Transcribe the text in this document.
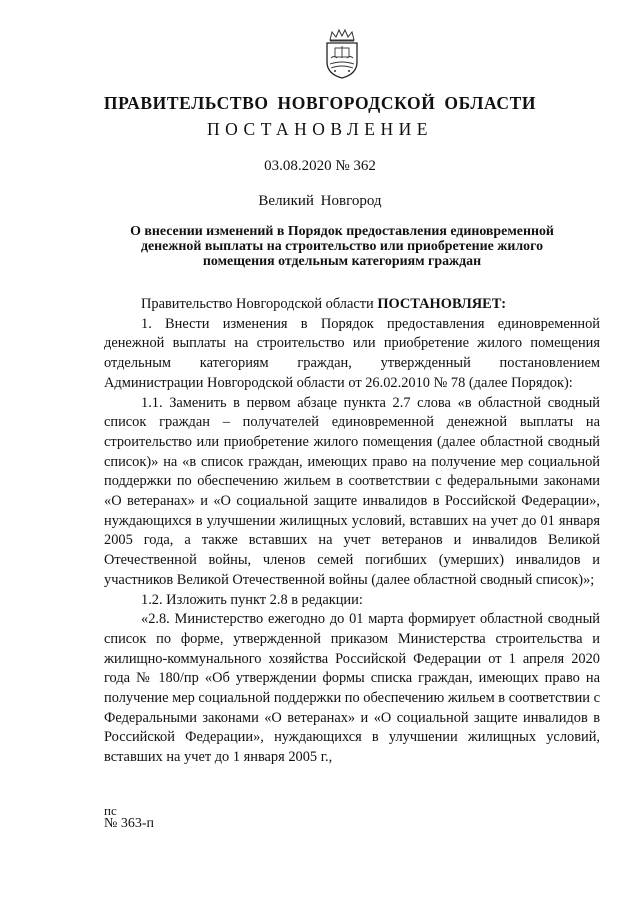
ПРАВИТЕЛЬСТВО НОВГОРОДСКОЙ ОБЛАСТИ
ПОСТАНОВЛЕНИЕ
03.08.2020 № 362
Великий Новгород
О внесении изменений в Порядок предоставления единовременной денежной выплаты на строительство или приобретение жилого помещения отдельным категориям граждан

Правительство Новгородской области ПОСТАНОВЛЯЕТ:

1. Внести изменения в Порядок предоставления единовременной денежной выплаты на строительство или приобретение жилого помещения отдельным категориям граждан, утвержденный постановлением Администрации Новгородской области от 26.02.2010 № 78 (далее Порядок):

1.1. Заменить в первом абзаце пункта 2.7 слова «в областной сводный список граждан – получателей единовременной денежной выплаты на строительство или приобретение жилого помещения (далее областной сводный список)» на «в список граждан, имеющих право на получение мер социальной поддержки по обеспечению жильем в соответствии с федеральными законами «О ветеранах» и «О социальной защите инвалидов в Российской Федерации», нуждающихся в улучшении жилищных условий, вставших на учет до 01 января 2005 года, а также вставших на учет ветеранов и инвалидов Великой Отечественной войны, членов семей погибших (умерших) инвалидов и участников Великой Отечественной войны (далее областной сводный список)»;

1.2. Изложить пункт 2.8 в редакции:

«2.8. Министерство ежегодно до 01 марта формирует областной сводный список по форме, утвержденной приказом Министерства строительства и жилищно-коммунального хозяйства Российской Федерации от 1 апреля 2020 года № 180/пр «Об утверждении формы списка граждан, имеющих право на получение мер социальной поддержки по обеспечению жильем в соответствии с Федеральными законами «О ветеранах» и «О социальной защите инвалидов в Российской Федерации», нуждающихся в улучшении жилищных условий, вставших на учет до 1 января 2005 г.,

пс
№ 363-п
